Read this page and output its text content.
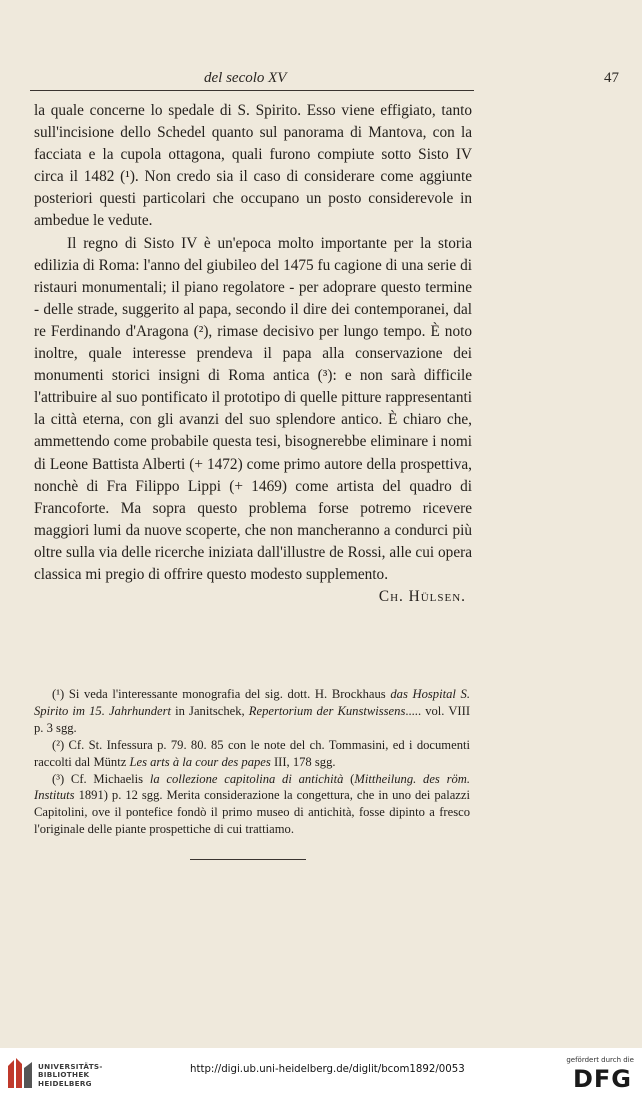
del secolo XV	47

la quale concerne lo spedale di S. Spirito. Esso viene effigiato, tanto sull'incisione dello Schedel quanto sul panorama di Mantova, con la facciata e la cupola ottagona, quali furono compiute sotto Sisto IV circa il 1482 (¹). Non credo sia il caso di considerare come aggiunte posteriori questi particolari che occupano un posto considerevole in ambedue le vedute.

Il regno di Sisto IV è un'epoca molto importante per la storia edilizia di Roma: l'anno del giubileo del 1475 fu cagione di una serie di ristauri monumentali; il piano regolatore - per adoprare questo termine - delle strade, suggerito al papa, secondo il dire dei contemporanei, dal re Ferdinando d'Aragona (²), rimase decisivo per lungo tempo. È noto inoltre, quale interesse prendeva il papa alla conservazione dei monumenti storici insigni di Roma antica (³): e non sarà difficile l'attribuire al suo pontificato il prototipo di quelle pitture rappresentanti la città eterna, con gli avanzi del suo splendore antico. È chiaro che, ammettendo come probabile questa tesi, bisognerebbe eliminare i nomi di Leone Battista Alberti (+ 1472) come primo autore della prospettiva, nonchè di Fra Filippo Lippi (+ 1469) come artista del quadro di Francoforte. Ma sopra questo problema forse potremo ricevere maggiori lumi da nuove scoperte, che non mancheranno a condurci più oltre sulla via delle ricerche iniziata dall'illustre de Rossi, alle cui opera classica mi pregio di offrire questo modesto supplemento.

Ch. Hülsen.

(¹) Si veda l'interessante monografia del sig. dott. H. Brockhaus das Hospital S. Spirito im 15. Jahrhundert in Janitschek, Repertorium der Kunstwissens..... vol. VIII p. 3 sgg.

(²) Cf. St. Infessura p. 79. 80. 85 con le note del ch. Tommasini, ed i documenti raccolti dal Müntz Les arts à la cour des papes III, 178 sgg.

(³) Cf. Michaelis la collezione capitolina di antichità (Mittheilung. des röm. Instituts 1891) p. 12 sgg. Merita considerazione la congettura, che in uno dei palazzi Capitolini, ove il pontefice fondò il primo museo di antichità, fosse dipinto a fresco l'originale delle piante prospettiche di cui trattiamo.

UNIVERSITÄTS-
BIBLIOTHEK
HEIDELBERG
http://digi.ub.uni-heidelberg.de/diglit/bcom1892/0053
gefördert durch die
DFG
